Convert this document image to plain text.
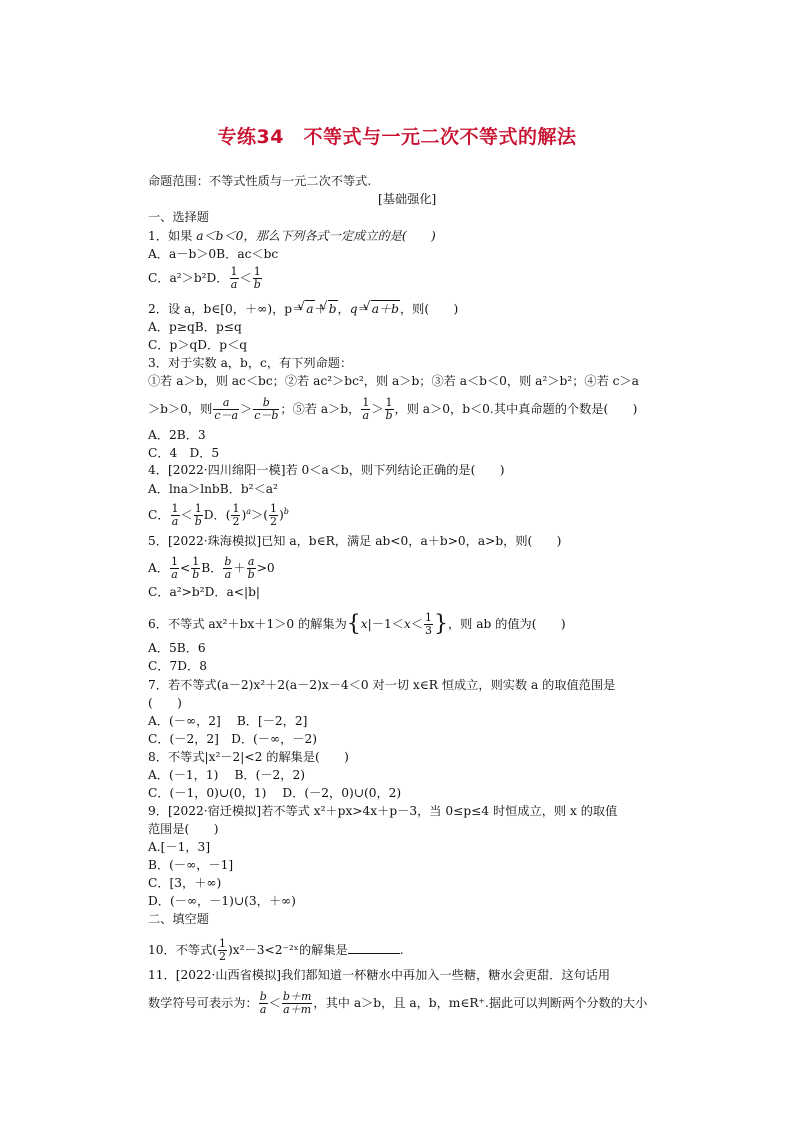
专练34　不等式与一元二次不等式的解法
命题范围：不等式性质与一元二次不等式.
[基础强化]
一、选择题
1．如果 a＜b＜0，那么下列各式一定成立的是(　　)
A．a－b＞0B．ac＜bc
C．a²＞b²D． $\frac{1}{a} < \frac{1}{b}$
2．设 a，b∈[0，＋∞)，p＝ √ a＋ √ b，q＝ √ a＋b，则(　　)
A．p≥qB．p≤q
C．p＞qD．p＜q
3．对于实数 a，b，c，有下列命题：
①若 a＞b，则 ac＜bc；②若 ac²＞bc²，则 a＞b；③若 a＜b＜0，则 a²＞b²；④若 c＞a
＞b＞0，则 $\frac{a}{c-a} > \frac{b}{c-b}$ ；⑤若 a＞b， $\frac{1}{a} > \frac{1}{b}$ ，则 a＞0，b＜0.其中真命题的个数是(　　)
A．2B．3
C．4　D．5
4．[2022·四川绵阳一模]若 0＜a＜b，则下列结论正确的是(　　)
A．lna＞lnbB．b²＜a²
C． $\frac{1}{a} < \frac{1}{b}$ D．( $\frac{1}{2} )^a>( \frac{1}{2} )^b$
5．[2022·珠海模拟]已知 a，b∈R，满足 ab<0，a＋b>0，a>b，则(　　)
A． $\frac{1}{a} < \frac{1}{b}$ B． $\frac{b}{a} + \frac{a}{b} >0$
C．a²>b²D．a<|b|
6．不等式 ax²＋bx＋1＞0 的解集为{$x|-1<x< \frac{1}{3}$ }，则 ab 的值为(　　)
A．5B．6
C．7D．8
7．若不等式(a－2)x²＋2(a－2)x－4＜0 对一切 x∈R 恒成立，则实数 a 的取值范围是
(　　)
A．(－∞，2]　 B．[－2，2]
C．(－2，2]　D．(－∞，－2)
8．不等式|x²－2|<2 的解集是(　　)
A．(－1，1)　 B．(－2，2)
C．(－1，0)∪(0，1)　 D．(－2，0)∪(0，2)
9．[2022·宿迁模拟]若不等式 x²＋px>4x＋p－3，当 0≤p≤4 时恒成立，则 x 的取值
范围是(　　)
A.[－1，3]
B．(－∞，－1]
C．[3，＋∞)
D．(－∞，－1)∪(3，＋∞)
二、填空题
10．不等式( $\frac{1}{2}$ )x²－3<2⁻²ˣ的解集是	.
11．[2022·山西省模拟]我们都知道一杯糖水中再加入一些糖，糖水会更甜．这句话用
数学符号可表示为： $\frac{b}{a} < \frac{b+m}{a+m}$ ，其中 a＞b，且 a，b，m∈R⁺.据此可以判断两个分数的大小
